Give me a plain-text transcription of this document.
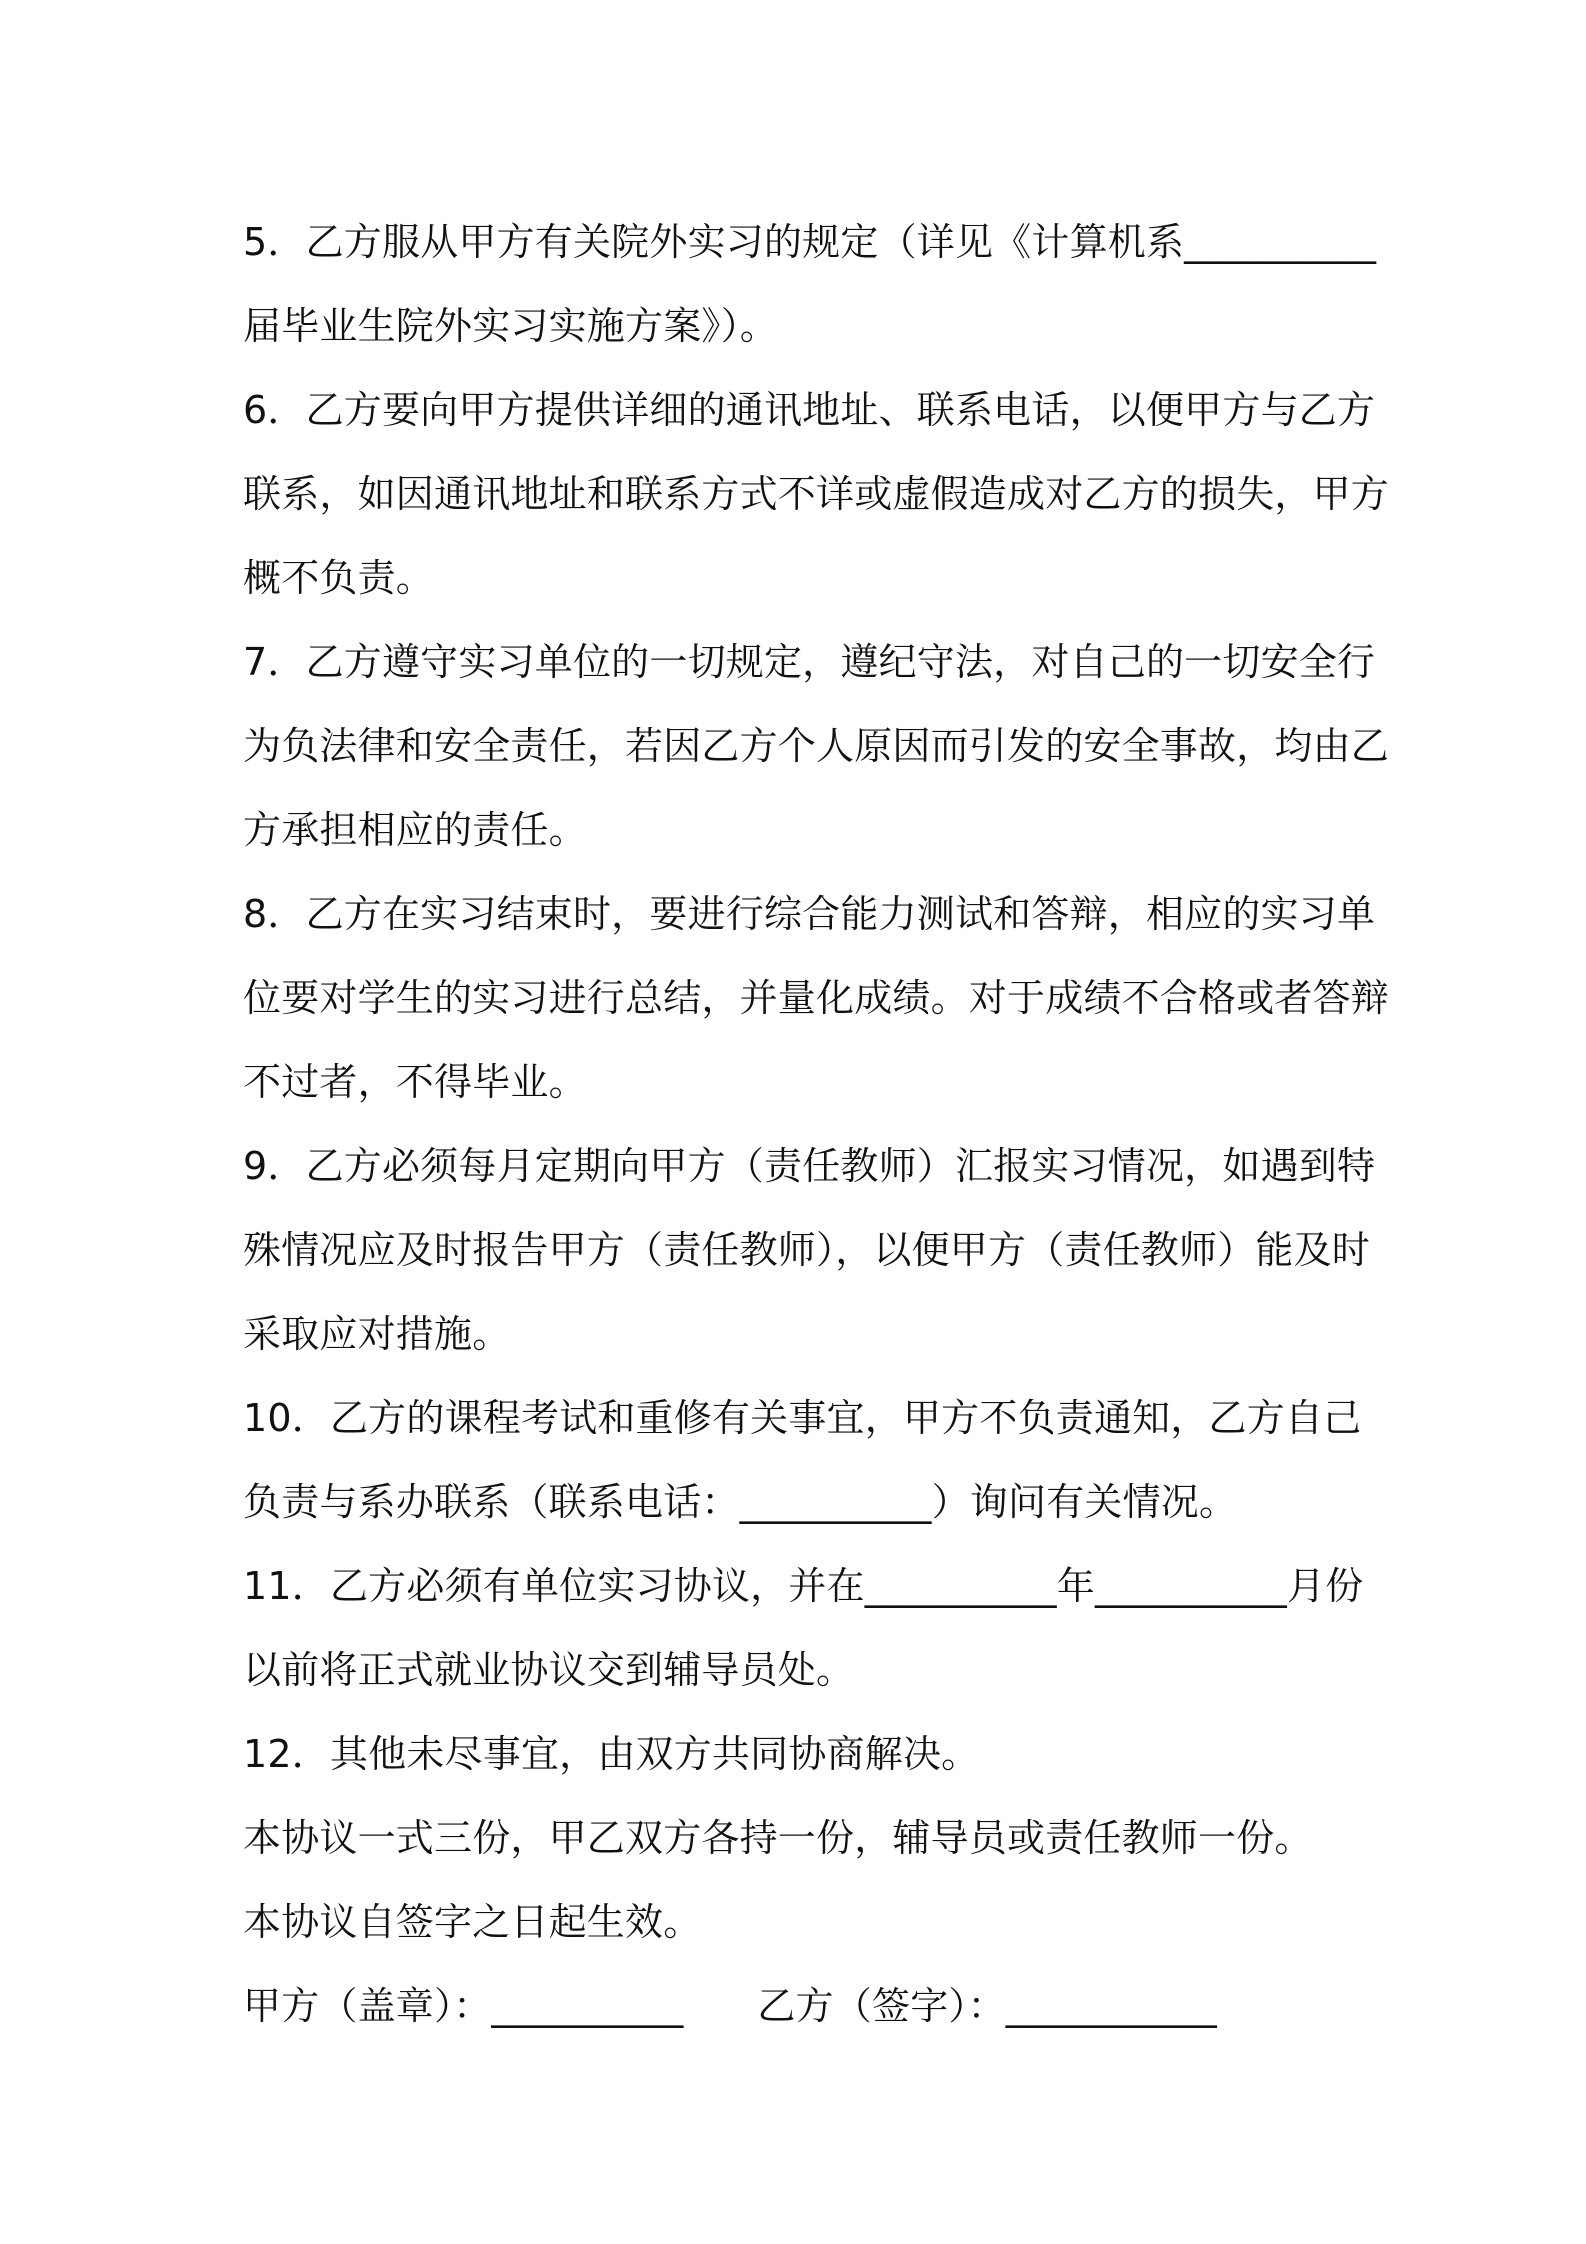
5．乙方服从甲方有关院外实习的规定（详见《计算机系__________
届毕业生院外实习实施方案》）。
6．乙方要向甲方提供详细的通讯地址、联系电话，以便甲方与乙方
联系，如因通讯地址和联系方式不详或虚假造成对乙方的损失，甲方
概不负责。
7．乙方遵守实习单位的一切规定，遵纪守法，对自己的一切安全行
为负法律和安全责任，若因乙方个人原因而引发的安全事故，均由乙
方承担相应的责任。
8．乙方在实习结束时，要进行综合能力测试和答辩，相应的实习单
位要对学生的实习进行总结，并量化成绩。对于成绩不合格或者答辩
不过者，不得毕业。
9．乙方必须每月定期向甲方（责任教师）汇报实习情况，如遇到特
殊情况应及时报告甲方（责任教师），以便甲方（责任教师）能及时
采取应对措施。
10．乙方的课程考试和重修有关事宜，甲方不负责通知，乙方自己
负责与系办联系（联系电话：__________）询问有关情况。
11．乙方必须有单位实习协议，并在__________年__________月份
以前将正式就业协议交到辅导员处。
12．其他未尽事宜，由双方共同协商解决。
本协议一式三份，甲乙双方各持一份，辅导员或责任教师一份。
本协议自签字之日起生效。
甲方（盖章）：__________ 乙方（签字）：___________
